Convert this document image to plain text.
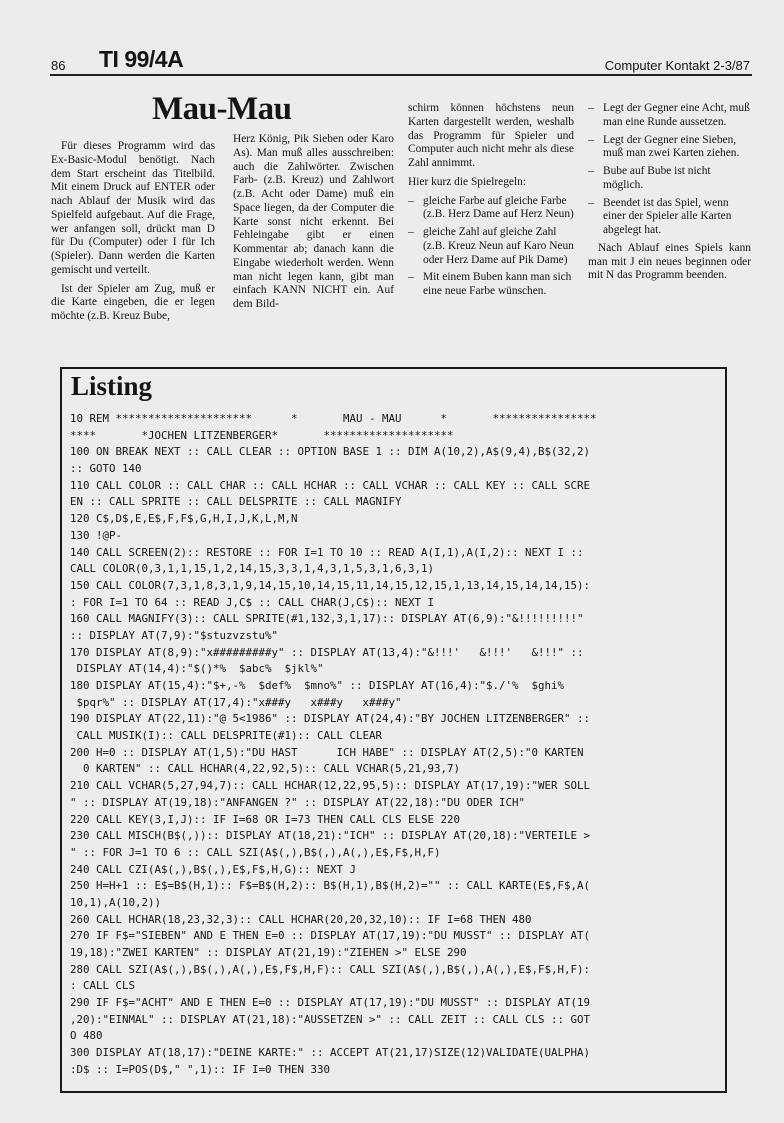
86 TI 99/4A	Computer Kontakt 2-3/87
Mau-Mau

Für dieses Programm wird das Ex-Basic-Modul benötigt. Nach dem Start erscheint das Titelbild. Mit einem Druck auf ENTER oder nach Ablauf der Musik wird das Spielfeld aufgebaut. Auf die Frage, wer anfangen soll, drückt man D für Du (Computer) oder I für Ich (Spieler). Dann werden die Karten gemischt und verteilt.

Ist der Spieler am Zug, muß er die Karte eingeben, die er legen möchte (z.B. Kreuz Bube,

Herz König, Pik Sieben oder Karo As). Man muß alles ausschreiben: auch die Zahlwörter. Zwischen Farb- (z.B. Kreuz) und Zahlwort (z.B. Acht oder Dame) muß ein Space liegen, da der Computer die Karte sonst nicht erkennt. Bei Fehleingabe gibt er einen Kommentar ab; danach kann die Eingabe wiederholt werden. Wenn man nicht legen kann, gibt man einfach KANN NICHT ein. Auf dem Bild-

schirm können höchstens neun Karten dargestellt werden, weshalb das Programm für Spieler und Computer auch nicht mehr als diese Zahl annimmt.

Hier kurz die Spielregeln:

– gleiche Farbe auf gleiche Farbe (z.B. Herz Dame auf Herz Neun)
– gleiche Zahl auf gleiche Zahl (z.B. Kreuz Neun auf Karo Neun oder Herz Dame auf Pik Dame)
– Mit einem Buben kann man sich eine neue Farbe wünschen.
– Legt der Gegner eine Acht, muß man eine Runde aussetzen.
– Legt der Gegner eine Sieben, muß man zwei Karten ziehen.
– Bube auf Bube ist nicht möglich.
– Beendet ist das Spiel, wenn einer der Spieler alle Karten abgelegt hat.

Nach Ablauf eines Spiels kann man mit J ein neues beginnen oder mit N das Programm beenden.

Listing
10 REM *********************      *       MAU - MAU      *       ****************
****       *JOCHEN LITZENBERGER*       ********************
100 ON BREAK NEXT :: CALL CLEAR :: OPTION BASE 1 :: DIM A(10,2),A$(9,4),B$(32,2)
:: GOTO 140
110 CALL COLOR :: CALL CHAR :: CALL HCHAR :: CALL VCHAR :: CALL KEY :: CALL SCRE
EN :: CALL SPRITE :: CALL DELSPRITE :: CALL MAGNIFY
120 C$,D$,E,E$,F,F$,G,H,I,J,K,L,M,N
130 !@P-
140 CALL SCREEN(2):: RESTORE :: FOR I=1 TO 10 :: READ A(I,1),A(I,2):: NEXT I ::
CALL COLOR(0,3,1,1,15,1,2,14,15,3,3,1,4,3,1,5,3,1,6,3,1)
150 CALL COLOR(7,3,1,8,3,1,9,14,15,10,14,15,11,14,15,12,15,1,13,14,15,14,14,15):
: FOR I=1 TO 64 :: READ J,C$ :: CALL CHAR(J,C$):: NEXT I
160 CALL MAGNIFY(3):: CALL SPRITE(#1,132,3,1,17):: DISPLAY AT(6,9):"&!!!!!!!!!"
:: DISPLAY AT(7,9):"$stuzvzstu%"
170 DISPLAY AT(8,9):"x#########y" :: DISPLAY AT(13,4):"&!!!'   &!!!'   &!!!" ::
DISPLAY AT(14,4):"$()*%  $abc%  $jkl%"
180 DISPLAY AT(15,4):"$+,-%  $def%  $mno%" :: DISPLAY AT(16,4):"$./'%  $ghi%
$pqr%" :: DISPLAY AT(17,4):"x###y   x###y   x###y"
190 DISPLAY AT(22,11):"@ 5<1986" :: DISPLAY AT(24,4):"BY JOCHEN LITZENBERGER" ::
CALL MUSIK(I):: CALL DELSPRITE(#1):: CALL CLEAR
200 H=0 :: DISPLAY AT(1,5):"DU HAST      ICH HABE" :: DISPLAY AT(2,5):"0 KARTEN
0 KARTEN" :: CALL HCHAR(4,22,92,5):: CALL VCHAR(5,21,93,7)
210 CALL VCHAR(5,27,94,7):: CALL HCHAR(12,22,95,5):: DISPLAY AT(17,19):"WER SOLL
" :: DISPLAY AT(19,18):"ANFANGEN ?" :: DISPLAY AT(22,18):"DU ODER ICH"
220 CALL KEY(3,I,J):: IF I=68 OR I=73 THEN CALL CLS ELSE 220
230 CALL MISCH(B$(,)):: DISPLAY AT(18,21):"ICH" :: DISPLAY AT(20,18):"VERTEILE >
" :: FOR J=1 TO 6 :: CALL SZI(A$(,),B$(,),A(,),E$,F$,H,F)
240 CALL CZI(A$(,),B$(,),E$,F$,H,G):: NEXT J
250 H=H+1 :: E$=B$(H,1):: F$=B$(H,2):: B$(H,1),B$(H,2)="" :: CALL KARTE(E$,F$,A(
10,1),A(10,2))
260 CALL HCHAR(18,23,32,3):: CALL HCHAR(20,20,32,10):: IF I=68 THEN 480
270 IF F$="SIEBEN" AND E THEN E=0 :: DISPLAY AT(17,19):"DU MUSST" :: DISPLAY AT(
19,18):"ZWEI KARTEN" :: DISPLAY AT(21,19):"ZIEHEN >" ELSE 290
280 CALL SZI(A$(,),B$(,),A(,),E$,F$,H,F):: CALL SZI(A$(,),B$(,),A(,),E$,F$,H,F):
: CALL CLS
290 IF F$="ACHT" AND E THEN E=0 :: DISPLAY AT(17,19):"DU MUSST" :: DISPLAY AT(19
,20):"EINMAL" :: DISPLAY AT(21,18):"AUSSETZEN >" :: CALL ZEIT :: CALL CLS :: GOT
O 480
300 DISPLAY AT(18,17):"DEINE KARTE:" :: ACCEPT AT(21,17)SIZE(12)VALIDATE(UALPHA)
:D$ :: I=POS(D$," ",1):: IF I=0 THEN 330
